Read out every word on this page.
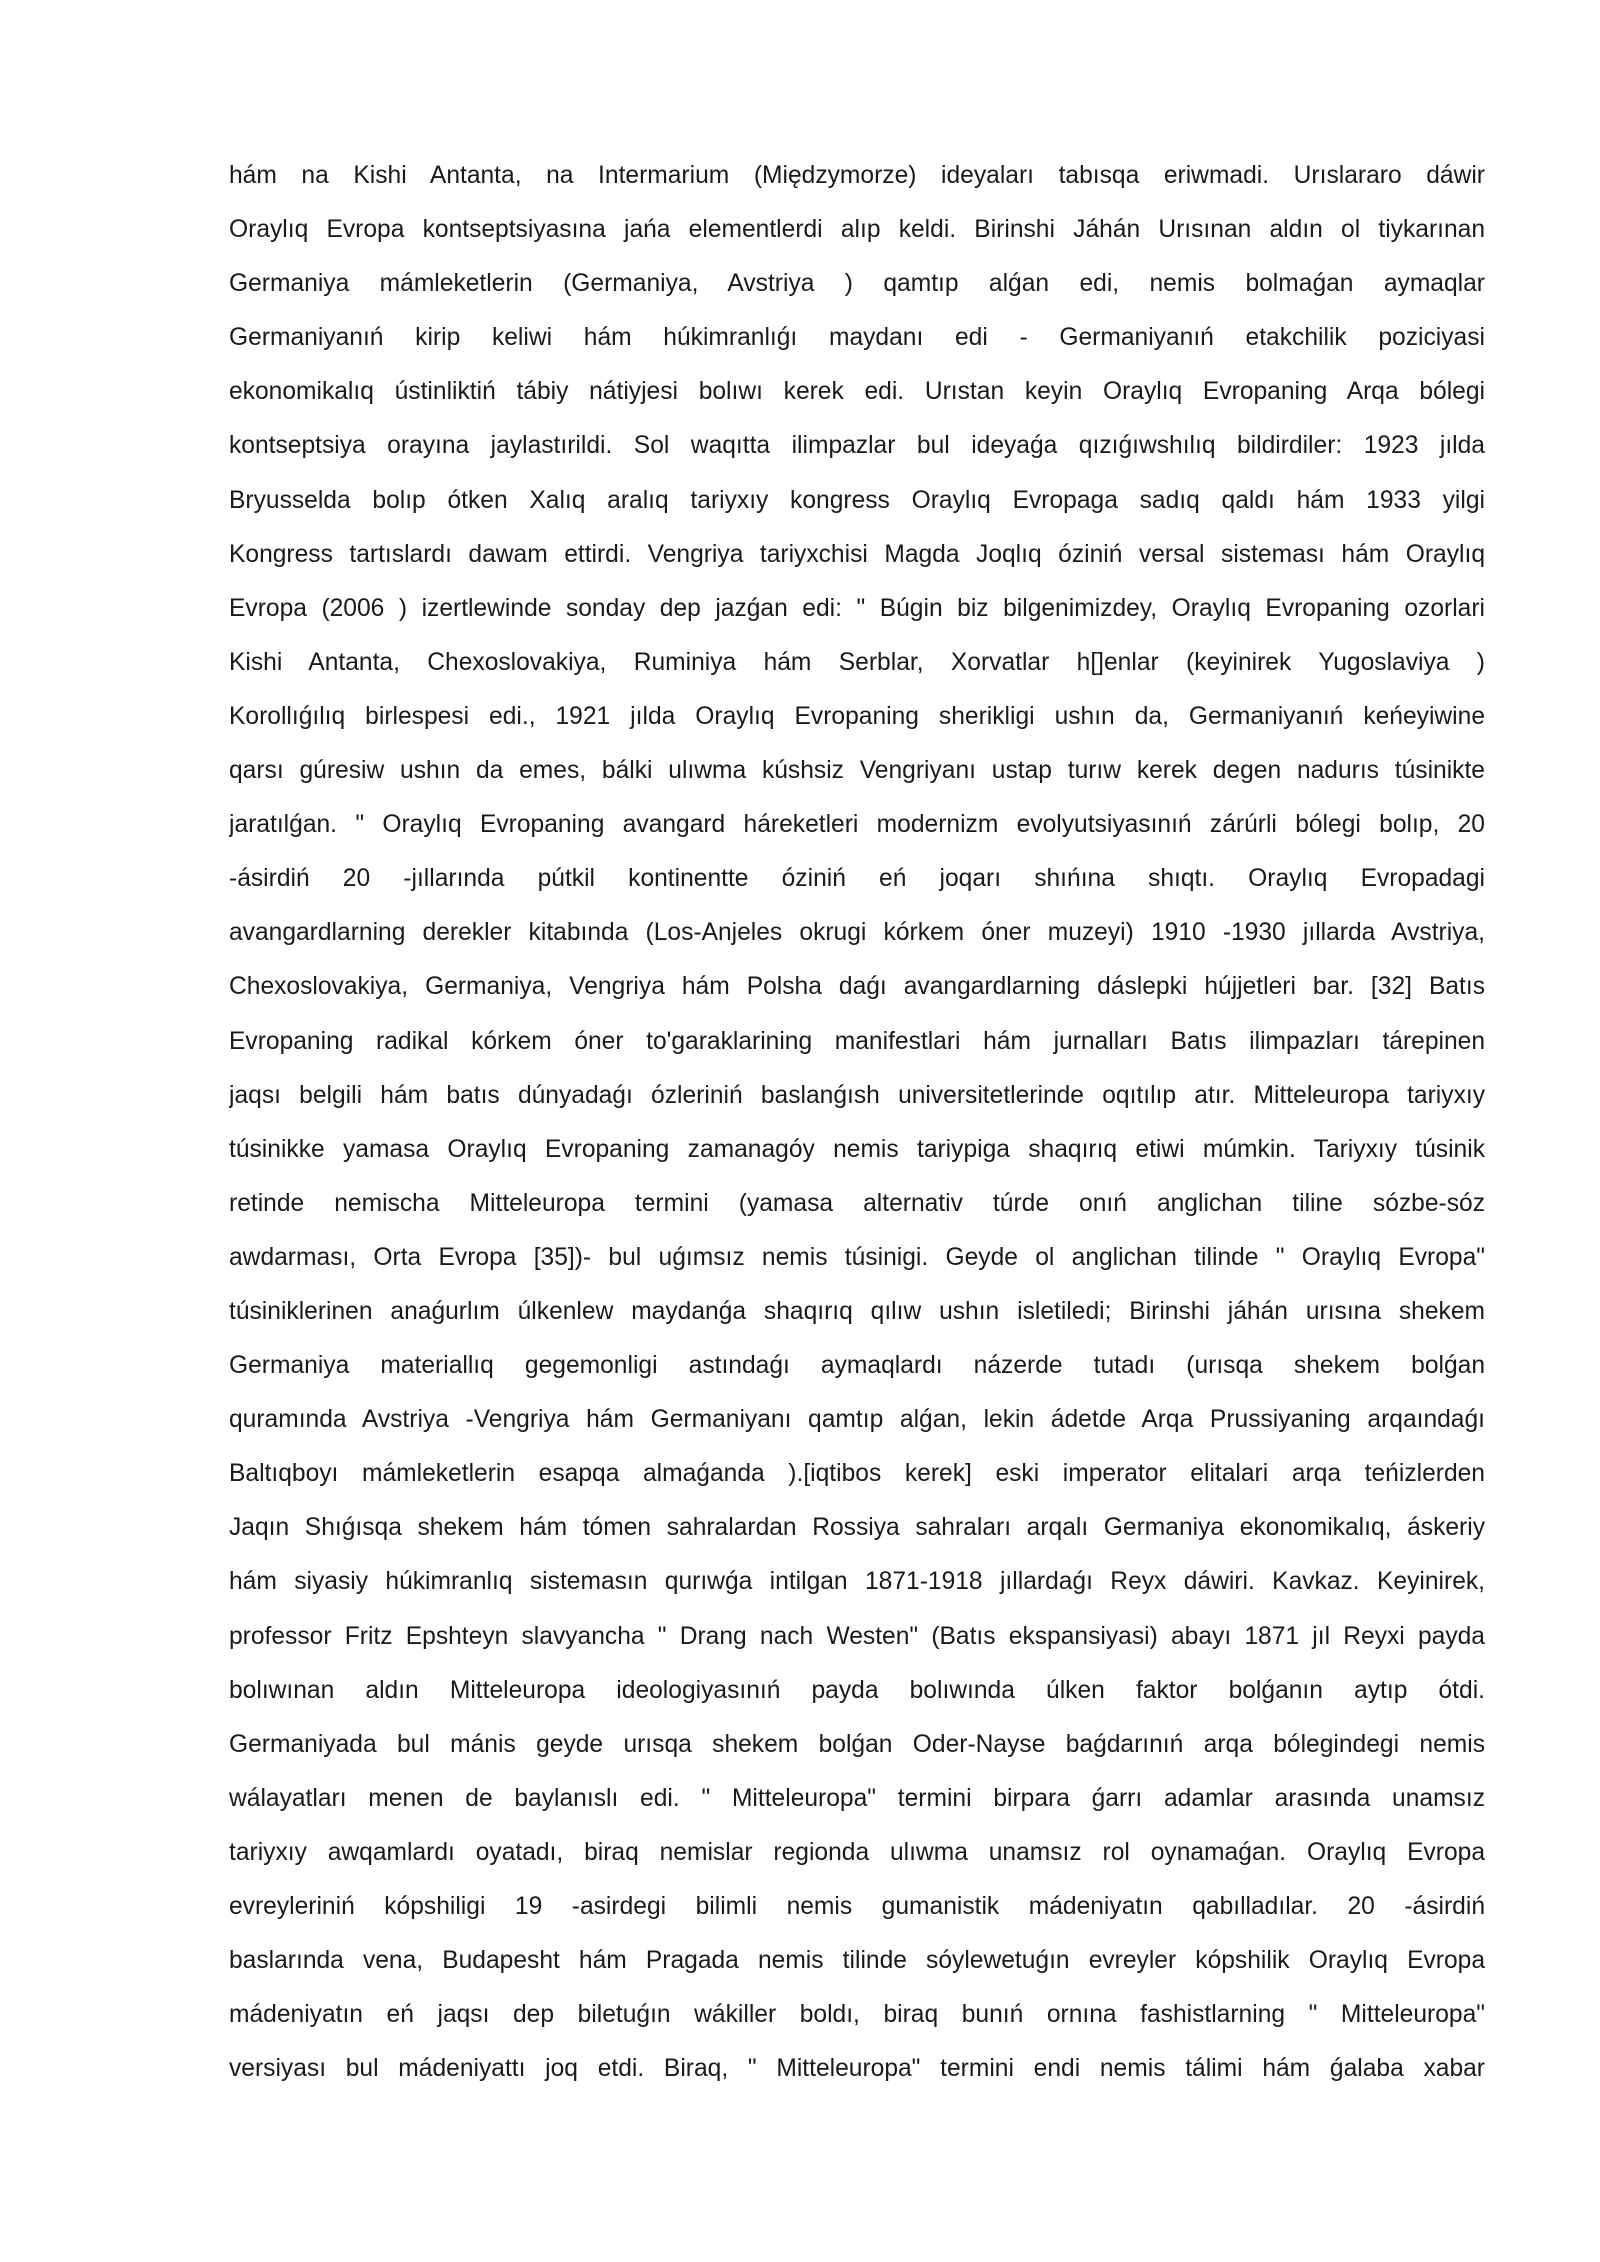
hám na Kishi Antanta, na Intermarium (Międzymorze) ideyaları tabısqa eriwmadi. Urıslararo dáwir
Oraylıq Evropa kontseptsiyasına jańa elementlerdi alıp keldi. Birinshi Jáhán Urısınan aldın ol tiykarınan
Germaniya mámleketlerin (Germaniya, Avstriya ) qamtıp alǵan edi, nemis bolmaǵan aymaqlar
Germaniyanıń kirip keliwi hám húkimranlıǵı maydanı edi - Germaniyanıń etakchilik poziciyasi
ekonomikalıq ústinliktiń tábiy nátiyjesi bolıwı kerek edi. Urıstan keyin Oraylıq Evropaning Arqa bólegi
kontseptsiya orayına jaylastırildi. Sol waqıtta ilimpazlar bul ideyaǵa qızıǵıwshılıq bildirdiler: 1923 jılda
Bryusselda bolıp ótken Xalıq aralıq tariyxıy kongress Oraylıq Evropaga sadıq qaldı hám 1933 yilgi
Kongress tartıslardı dawam ettirdi. Vengriya tariyxchisi Magda Joqlıq óziniń versal sisteması hám Oraylıq
Evropa (2006 ) izertlewinde sonday dep jazǵan edi: " Búgin biz bilgenimizdey, Oraylıq Evropaning ozorlari
Kishi Antanta, Chexoslovakiya, Ruminiya hám Serblar, Xorvatlar h[]enlar (keyinirek Yugoslaviya )
Korollıǵılıq birlespesi edi., 1921 jılda Oraylıq Evropaning sherikligi ushın da, Germaniyanıń keńeyiwine
qarsı gúresiw ushın da emes, bálki ulıwma kúshsiz Vengriyanı ustap turıw kerek degen nadurıs túsinikte
jaratılǵan. " Oraylıq Evropaning avangard háreketleri modernizm evolyutsiyasınıń zárúrli bólegi bolıp, 20
-ásirdiń 20 -jıllarında pútkil kontinentte óziniń eń joqarı shıńına shıqtı. Oraylıq Evropadagi
avangardlarning derekler kitabında (Los-Anjeles okrugi kórkem óner muzeyi) 1910 -1930 jıllarda Avstriya,
Chexoslovakiya, Germaniya, Vengriya hám Polsha daǵı avangardlarning dáslepki hújjetleri bar. [32] Batıs
Evropaning radikal kórkem óner to'garaklarining manifestlari hám jurnalları Batıs ilimpazları tárepinen
jaqsı belgili hám batıs dúnyadaǵı ózleriniń baslanǵısh universitetlerinde oqıtılıp atır. Mitteleuropa tariyxıy
túsinikke yamasa Oraylıq Evropaning zamanagóy nemis tariypiga shaqırıq etiwi múmkin. Tariyxıy túsinik
retinde nemischa Mitteleuropa termini (yamasa alternativ túrde onıń anglichan tiline sózbe-sóz
awdarması, Orta Evropa [35])- bul uǵımsız nemis túsinigi. Geyde ol anglichan tilinde " Oraylıq Evropa"
túsiniklerinen anaǵurlım úlkenlew maydanǵa shaqırıq qılıw ushın isletiledi; Birinshi jáhán urısına shekem
Germaniya materiallıq gegemonligi astındaǵı aymaqlardı názerde tutadı (urısqa shekem bolǵan
quramında Avstriya -Vengriya hám Germaniyanı qamtıp alǵan, lekin ádetde Arqa Prussiyaning arqaındaǵı
Baltıqboyı mámleketlerin esapqa almaǵanda ).[iqtibos kerek] eski imperator elitalari arqa teńizlerden
Jaqın Shıǵısqa shekem hám tómen sahralardan Rossiya sahraları arqalı Germaniya ekonomikalıq, áskeriy
hám siyasiy húkimranlıq sistemasın qurıwǵa intilgan 1871-1918 jıllardaǵı Reyx dáwiri. Kavkaz. Keyinirek,
professor Fritz Epshteyn slavyancha " Drang nach Westen" (Batıs ekspansiyasi) abayı 1871 jıl Reyxi payda
bolıwınan aldın Mitteleuropa ideologiyasınıń payda bolıwında úlken faktor bolǵanın aytıp ótdi.
Germaniyada bul mánis geyde urısqa shekem bolǵan Oder-Nayse baǵdarınıń arqa bólegindegi nemis
wálayatları menen de baylanıslı edi. " Mitteleuropa" termini birpara ǵarrı adamlar arasında unamsız
tariyxıy awqamlardı oyatadı, biraq nemislar regionda ulıwma unamsız rol oynamaǵan. Oraylıq Evropa
evreyleriniń kópshiligi 19 -asirdegi bilimli nemis gumanistik mádeniyatın qabılladılar. 20 -ásirdiń
baslarında vena, Budapesht hám Pragada nemis tilinde sóylewetuǵın evreyler kópshilik Oraylıq Evropa
mádeniyatın eń jaqsı dep biletuǵın wákiller boldı, biraq bunıń ornına fashistlarning " Mitteleuropa"
versiyası bul mádeniyattı joq etdi. Biraq, " Mitteleuropa" termini endi nemis tálimi hám ǵalaba xabar
